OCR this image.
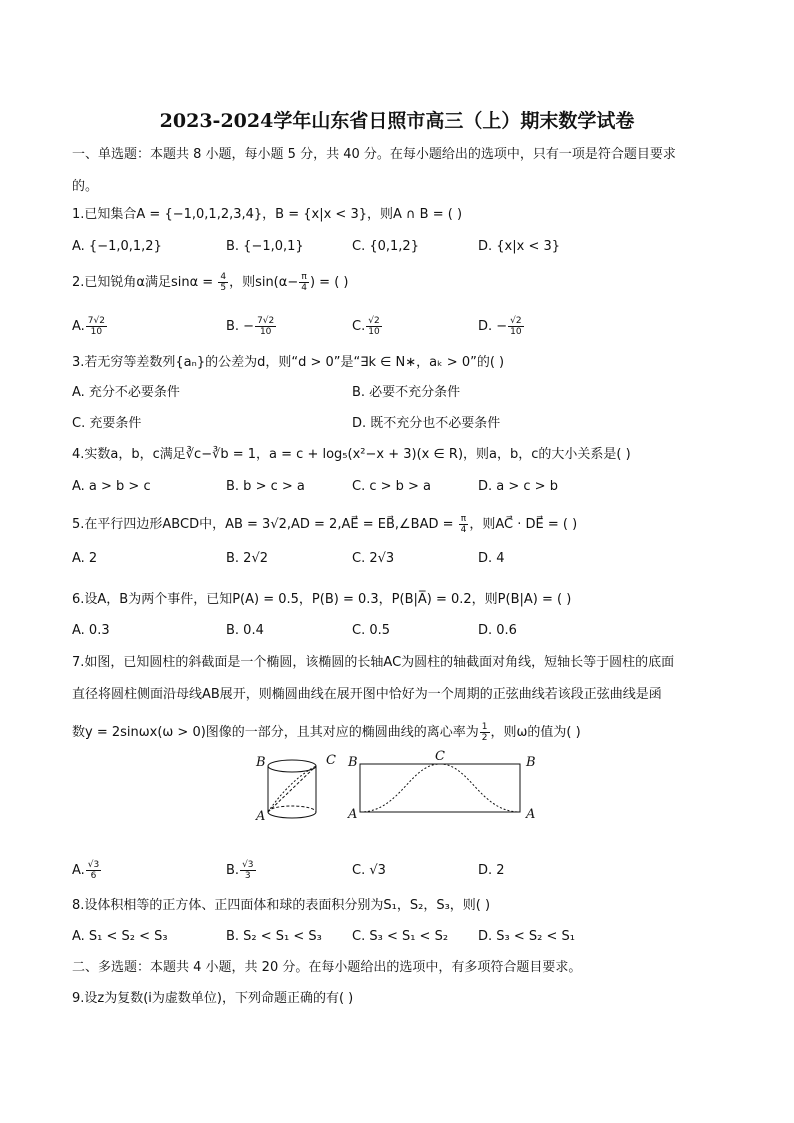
2023-2024学年山东省日照市高三（上）期末数学试卷
一、单选题：本题共 8 小题，每小题 5 分，共 40 分。在每小题给出的选项中，只有一项是符合题目要求
的。
1.已知集合A = {−1,0,1,2,3,4}，B = {x|x < 3}，则A ∩ B = ( )
A. {−1,0,1,2}	B. {−1,0,1}	C. {0,1,2}	D. {x|x < 3}
2.已知锐角α满足$\sin\alpha = \frac{4}{5}$ ，则$\sin(\alpha- \frac{\pi}{4}$ ) = ( )
A. $\frac{7√2}{10}$	B. − $\frac{7√2}{10}$	C. $\frac{√2}{10}$	D. − $\frac{√2}{10}$
3.若无穷等差数列{aₙ}的公差为d，则“d > 0”是“∃k ∈ N∗，aₖ > 0”的( )
A. 充分不必要条件	B. 必要不充分条件
C. 充要条件	D. 既不充分也不必要条件
4.实数a，b，c满足∛c−∛b = 1，a = c + log₅(x²−x + 3)(x ∈ R)，则a，b，c的大小关系是( )
A. a > b > c	B. b > c > a	C. c > b > a	D. a > c > b
5.在平行四边形ABCD中，AB = 3√2,AD = 2,AE⃗ = EB⃗,∠BAD = $\frac{\pi}{4}$ ，则AC⃗ · DE⃗ = ( )
A. 2	B. 2√2	C. 2√3	D. 4
6.设A，B为两个事件，已知P(A) = 0.5，P(B) = 0.3，P(B|A̅) = 0.2，则P(B|A) = ( )
A. 0.3	B. 0.4	C. 0.5	D. 0.6
7.如图，已知圆柱的斜截面是一个椭圆，该椭圆的长轴AC为圆柱的轴截面对角线，短轴长等于圆柱的底面
直径将圆柱侧面沿母线AB展开，则椭圆曲线在展开图中恰好为一个周期的正弦曲线若该段正弦曲线是函
数y = 2sinωx(ω > 0)图像的一部分，且其对应的椭圆曲线的离心率为 $\frac{1}{2}$ ，则ω的值为( )
B	C
A
B	C	B
A	A
A. $\frac{√3}{6}$	B. $\frac{√3}{3}$	C. √3	D. 2
8.设体积相等的正方体、正四面体和球的表面积分别为S₁，S₂，S₃，则( )
A. S₁ < S₂ < S₃	B. S₂ < S₁ < S₃ C. S₃ < S₁ < S₂ D. S₃ < S₂ < S₁
二、多选题：本题共 4 小题，共 20 分。在每小题给出的选项中，有多项符合题目要求。
9.设z为复数(i为虚数单位)，下列命题正确的有( )
